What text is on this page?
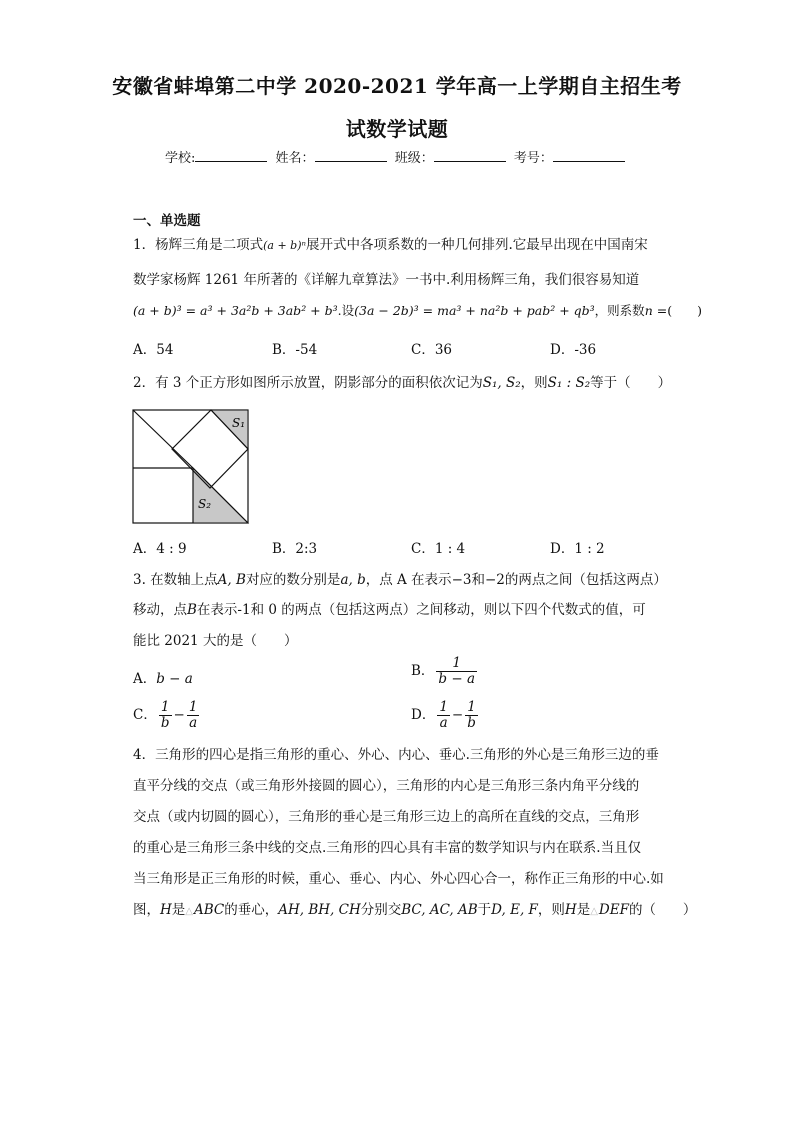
安徽省蚌埠第二中学 2020-2021 学年高一上学期自主招生考
试数学试题
学校:	姓名：	班级：	考号：
一、单选题
1．杨辉三角是二项式(a + b)ⁿ展开式中各项系数的一种几何排列.它最早出现在中国南宋
数学家杨辉 1261 年所著的《详解九章算法》一书中.利用杨辉三角，我们很容易知道
(a + b)³ = a³ + 3a²b + 3ab² + b³.设(3a − 2b)³ = ma³ + na²b + pab² + qb³，则系数n =(　　)
A．54	B．-54	C．36	D．-36
2．有 3 个正方形如图所示放置，阴影部分的面积依次记为S₁, S₂，则S₁ : S₂等于（　　）
S₁
S₂
A．4 : 9	B．2:3	C．1 : 4	D．1 : 2
3. 在数轴上点A, B对应的数分别是a, b，点 A 在表示−3和−2的两点之间（包括这两点）
移动，点B在表示-1和 0 的两点（包括这两点）之间移动，则以下四个代数式的值，可
能比 2021 大的是（　　）
A．b − a	B． $\frac{1}{b - a}$
C． $\frac{1}{b} - \frac{1}{a}$	D． $\frac{1}{a} - \frac{1}{b}$
4．三角形的四心是指三角形的重心、外心、内心、垂心.三角形的外心是三角形三边的垂
直平分线的交点（或三角形外接圆的圆心），三角形的内心是三角形三条内角平分线的
交点（或内切圆的圆心），三角形的垂心是三角形三边上的高所在直线的交点，三角形
的重心是三角形三条中线的交点.三角形的四心具有丰富的数学知识与内在联系.当且仅
当三角形是正三角形的时候，重心、垂心、内心、外心四心合一，称作正三角形的中心.如
图，H是△ABC的垂心，AH, BH, CH分别交BC, AC, AB于D, E, F，则H是△DEF的（　　）
